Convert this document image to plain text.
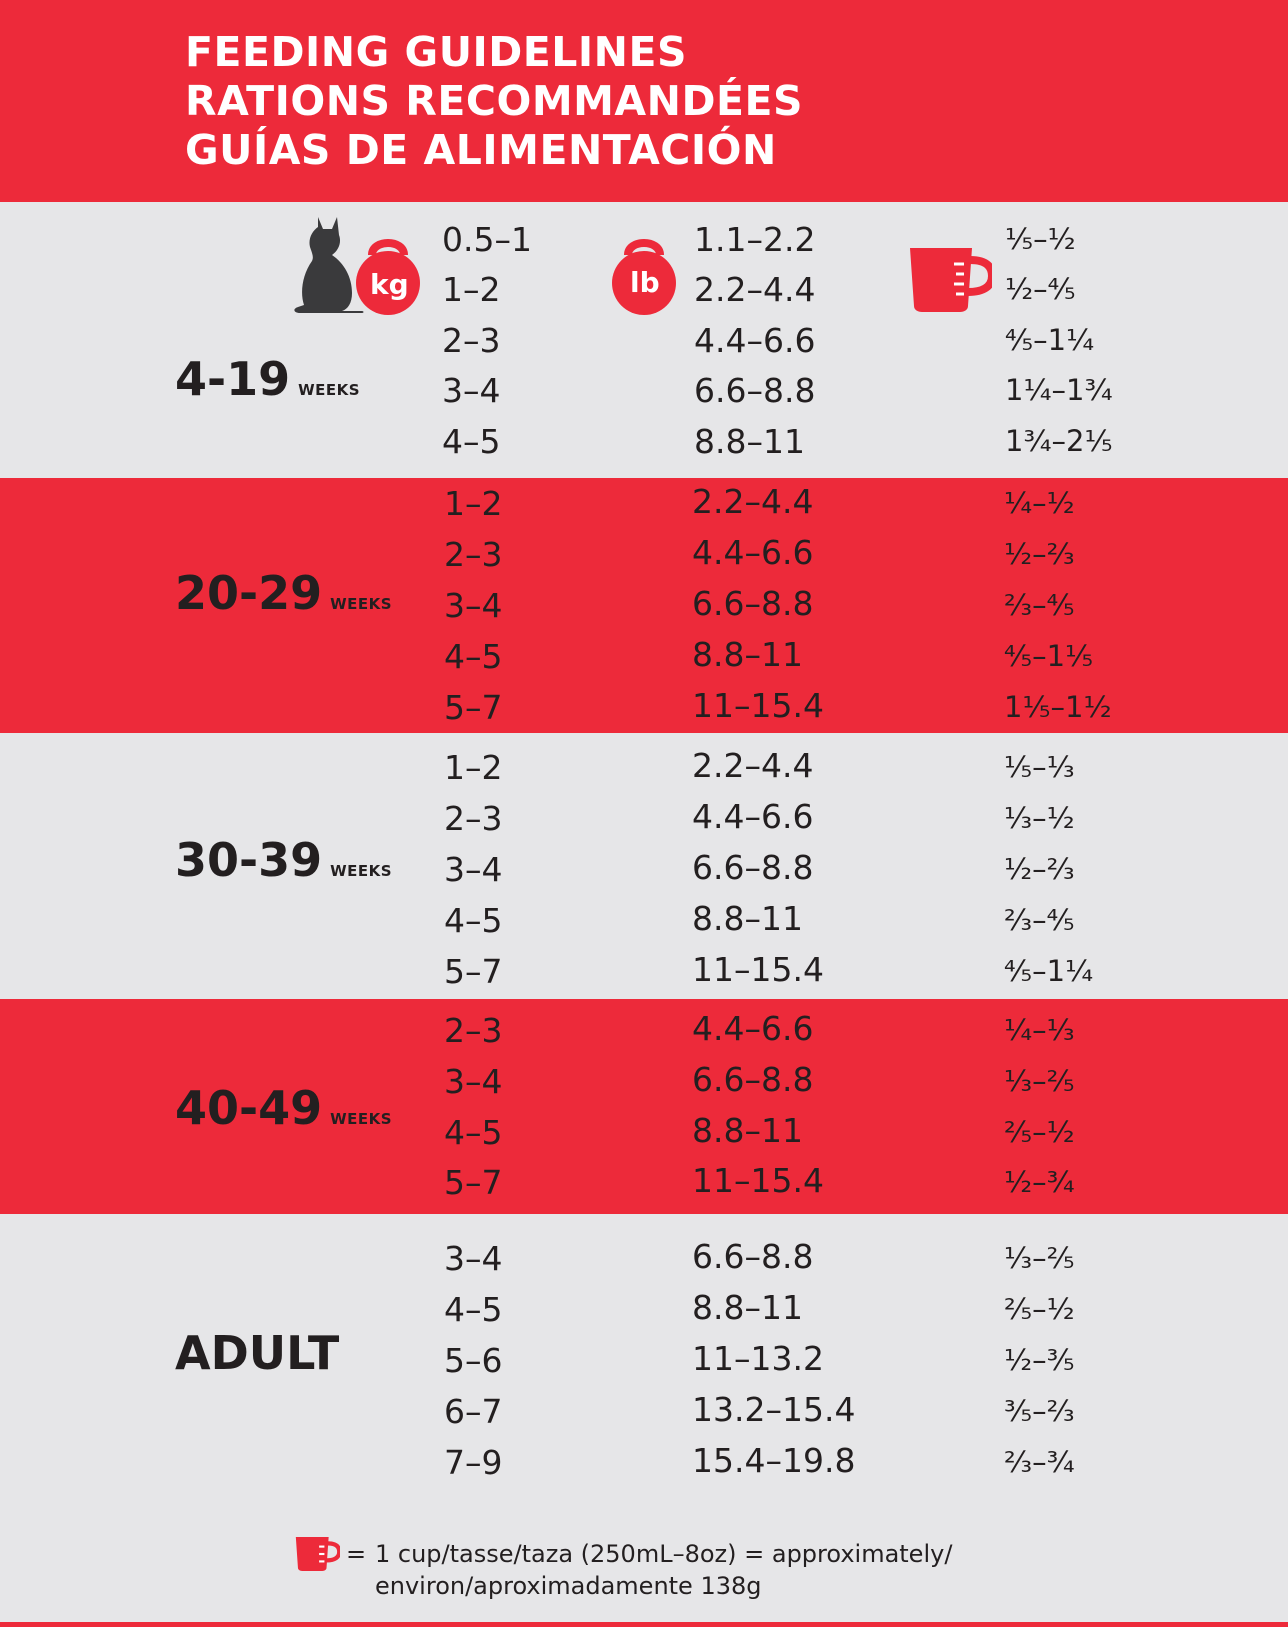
FEEDING GUIDELINES
RATIONS RECOMMANDÉES
GUÍAS DE ALIMENTACIÓN
kg	lb
4-19 WEEKS
0.5–1	1.1–2.2	¹⁄₅–¹⁄₂
1–2	2.2–4.4	¹⁄₂–⁴⁄₅
2–3	4.4–6.6	⁴⁄₅–1¹⁄₄
3–4	6.6–8.8	1¹⁄₄–1³⁄₄
4–5	8.8–11	1³⁄₄–2¹⁄₅
20-29 WEEKS
1–2	2.2–4.4	¹⁄₄–¹⁄₂
2–3	4.4–6.6	¹⁄₂–²⁄₃
3–4	6.6–8.8	²⁄₃–⁴⁄₅
4–5	8.8–11	⁴⁄₅–1¹⁄₅
5–7	11–15.4	1¹⁄₅–1¹⁄₂
30-39 WEEKS
1–2	2.2–4.4	¹⁄₅–¹⁄₃
2–3	4.4–6.6	¹⁄₃–¹⁄₂
3–4	6.6–8.8	¹⁄₂–²⁄₃
4–5	8.8–11	²⁄₃–⁴⁄₅
5–7	11–15.4	⁴⁄₅–1¹⁄₄
40-49 WEEKS
2–3	4.4–6.6	¹⁄₄–¹⁄₃
3–4	6.6–8.8	¹⁄₃–²⁄₅
4–5	8.8–11	²⁄₅–¹⁄₂
5–7	11–15.4	¹⁄₂–³⁄₄
ADULT
3–4	6.6–8.8	¹⁄₃–²⁄₅
4–5	8.8–11	²⁄₅–¹⁄₂
5–6	11–13.2	¹⁄₂–³⁄₅
6–7	13.2–15.4	³⁄₅–²⁄₃
7–9	15.4–19.8	²⁄₃–³⁄₄
= 1 cup/tasse/taza (250mL–8oz) = approximately/
environ/aproximadamente 138g
